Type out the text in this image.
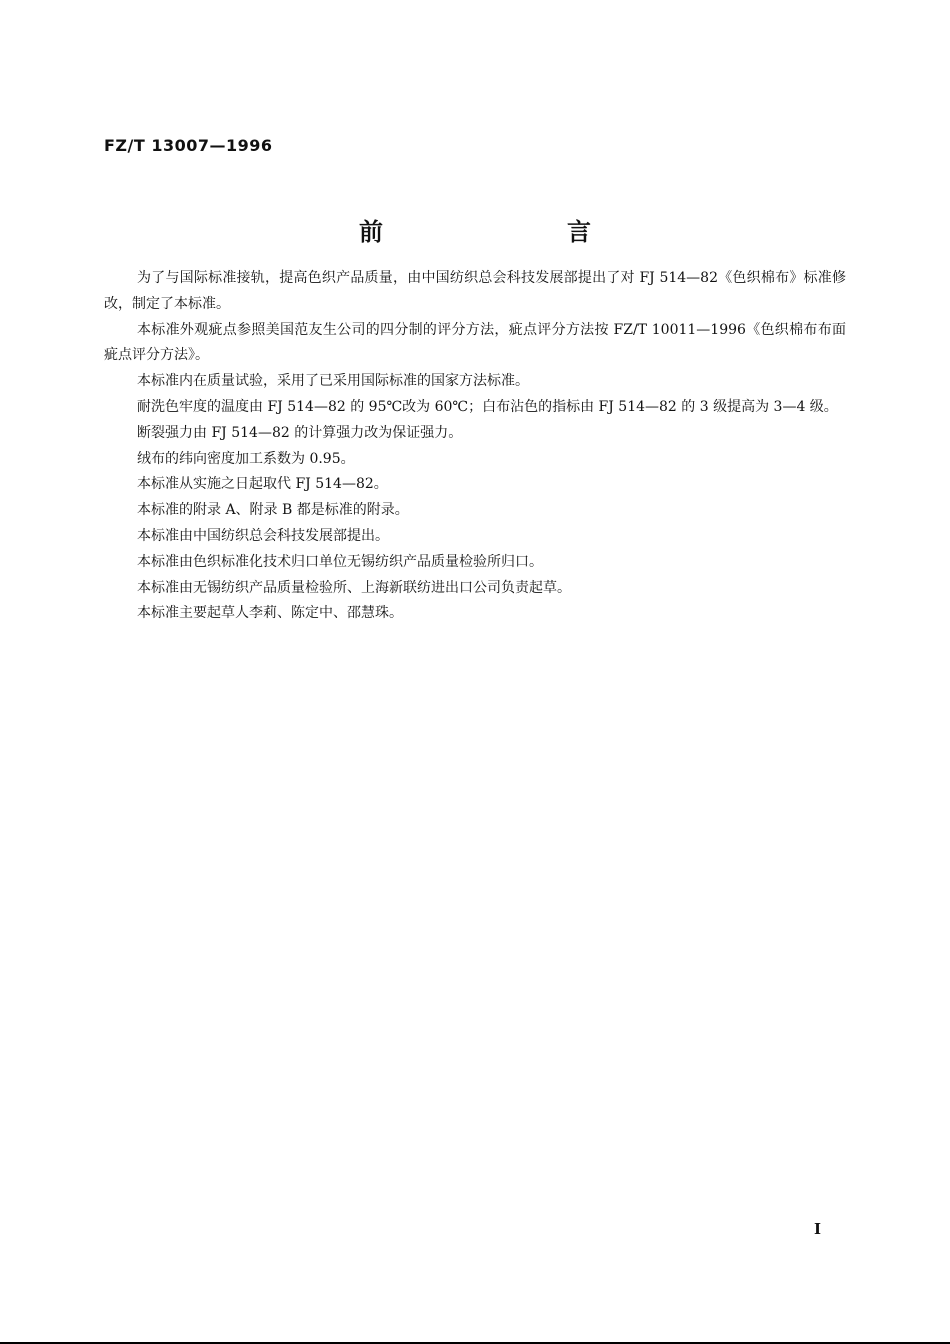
FZ/T 13007—1996
前　言

为了与国际标准接轨，提高色织产品质量，由中国纺织总会科技发展部提出了对 FJ 514—82《色织棉布》标准修改，制定了本标准。

本标准外观疵点参照美国范友生公司的四分制的评分方法，疵点评分方法按 FZ/T 10011—1996《色织棉布布面疵点评分方法》。

本标准内在质量试验，采用了已采用国际标准的国家方法标准。

耐洗色牢度的温度由 FJ 514—82 的 95℃改为 60℃；白布沾色的指标由 FJ 514—82 的 3 级提高为 3—4 级。

断裂强力由 FJ 514—82 的计算强力改为保证强力。

绒布的纬向密度加工系数为 0.95。

本标准从实施之日起取代 FJ 514—82。

本标准的附录 A、附录 B 都是标准的附录。

本标准由中国纺织总会科技发展部提出。

本标准由色织标准化技术归口单位无锡纺织产品质量检验所归口。

本标准由无锡纺织产品质量检验所、上海新联纺进出口公司负责起草。

本标准主要起草人李莉、陈定中、邵慧珠。

I
